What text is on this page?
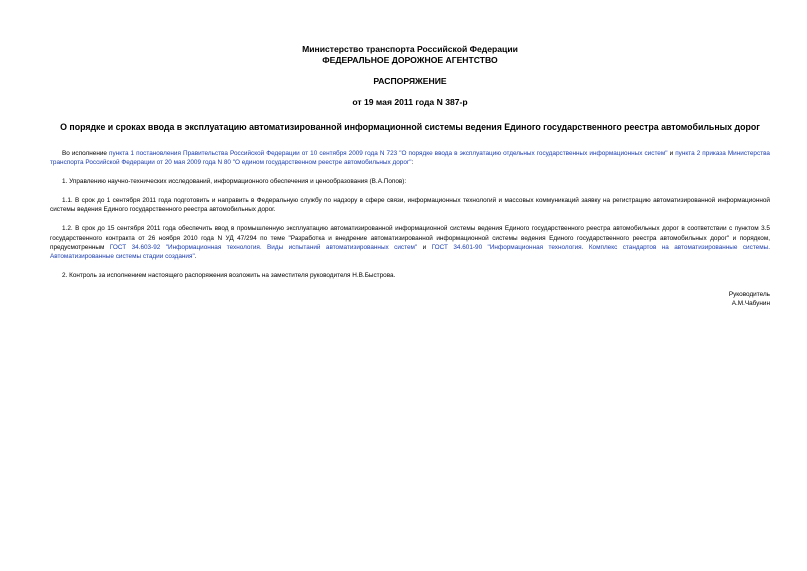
Министерство транспорта Российской Федерации
ФЕДЕРАЛЬНОЕ ДОРОЖНОЕ АГЕНТСТВО
РАСПОРЯЖЕНИЕ
от 19 мая 2011 года N 387-р
О порядке и сроках ввода в эксплуатацию автоматизированной информационной системы ведения Единого государственного реестра автомобильных дорог

Во исполнение пункта 1 постановления Правительства Российской Федерации от 10 сентября 2009 года N 723 "О порядке ввода в эксплуатацию отдельных государственных информационных систем" и пункта 2 приказа Министерства транспорта Российской Федерации от 20 мая 2009 года N 80 "О едином государственном реестре автомобильных дорог":

1. Управлению научно-технических исследований, информационного обеспечения и ценообразования (В.А.Попов):

1.1. В срок до 1 сентября 2011 года подготовить и направить в Федеральную службу по надзору в сфере связи, информационных технологий и массовых коммуникаций заявку на регистрацию автоматизированной информационной системы ведения Единого государственного реестра автомобильных дорог.

1.2. В срок до 15 сентября 2011 года обеспечить ввод в промышленную эксплуатацию автоматизированной информационной системы ведения Единого государственного реестра автомобильных дорог в соответствии с пунктом 3.5 государственного контракта от 26 ноября 2010 года N УД 47/294 по теме "Разработка и внедрение автоматизированной информационной системы ведения Единого государственного реестра автомобильных дорог" и порядком, предусмотренным ГОСТ 34.603-92 "Информационная технология. Виды испытаний автоматизированных систем" и ГОСТ 34.601-90 "Информационная технология. Комплекс стандартов на автоматизированные системы. Автоматизированные системы стадии создания".

2. Контроль за исполнением настоящего распоряжения возложить на заместителя руководителя Н.В.Быстрова.

Руководитель

А.М.Чабунин
